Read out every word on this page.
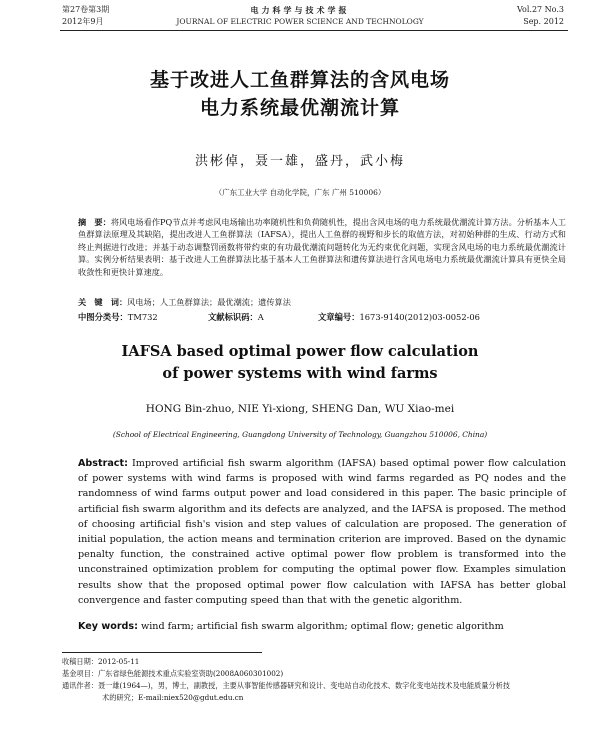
第27卷第3期
2012年9月
电力科学与技术学报
JOURNAL OF ELECTRIC POWER SCIENCE AND TECHNOLOGY
Vol.27 No.3
Sep. 2012
基于改进人工鱼群算法的含风电场
电力系统最优潮流计算
洪彬倬，聂一雄，盛丹，武小梅
（广东工业大学 自动化学院，广东 广州 510006）
摘　要：将风电场看作PQ节点并考虑风电场输出功率随机性和负荷随机性，提出含风电场的电力系统最优潮流计算方法。分析基本人工鱼群算法原理及其缺陷，提出改进人工鱼群算法（IAFSA），提出人工鱼群的视野和步长的取值方法，对初始种群的生成、行动方式和终止判据进行改进；并基于动态调整罚函数将带约束的有功最优潮流问题转化为无约束优化问题，实现含风电场的电力系统最优潮流计算。实例分析结果表明：基于改进人工鱼群算法比基于基本人工鱼群算法和遗传算法进行含风电场电力系统最优潮流计算具有更快全局收敛性和更快计算速度。
关　键　词：风电场；人工鱼群算法；最优潮流；遗传算法
中图分类号：TM732	文献标识码：A	文章编号：1673-9140(2012)03-0052-06
IAFSA based optimal power flow calculation
of power systems with wind farms
HONG Bin-zhuo, NIE Yi-xiong, SHENG Dan, WU Xiao-mei
(School of Electrical Engineering, Guangdong University of Technology, Guangzhou 510006, China)
Abstract: Improved artificial fish swarm algorithm (IAFSA) based optimal power flow calculation of power systems with wind farms is proposed with wind farms regarded as PQ nodes and the randomness of wind farms output power and load considered in this paper. The basic principle of artificial fish swarm algorithm and its defects are analyzed, and the IAFSA is proposed. The method of choosing artificial fish's vision and step values of calculation are proposed. The generation of initial population, the action means and termination criterion are improved. Based on the dynamic penalty function, the constrained active optimal power flow problem is transformed into the unconstrained optimization problem for computing the optimal power flow. Examples simulation results show that the proposed optimal power flow calculation with IAFSA has better global convergence and faster computing speed than that with the genetic algorithm.
Key words: wind farm; artificial fish swarm algorithm; optimal flow; genetic algorithm
收稿日期：2012-05-11
基金项目：广东省绿色能源技术重点实验室资助(2008A060301002)
通讯作者：聂一雄(1964—)，男，博士，副教授，主要从事智能传感器研究和设计、变电站自动化技术、数字化变电站技术及电能质量分析技
术的研究；E-mail:niex520@gdut.edu.cn
